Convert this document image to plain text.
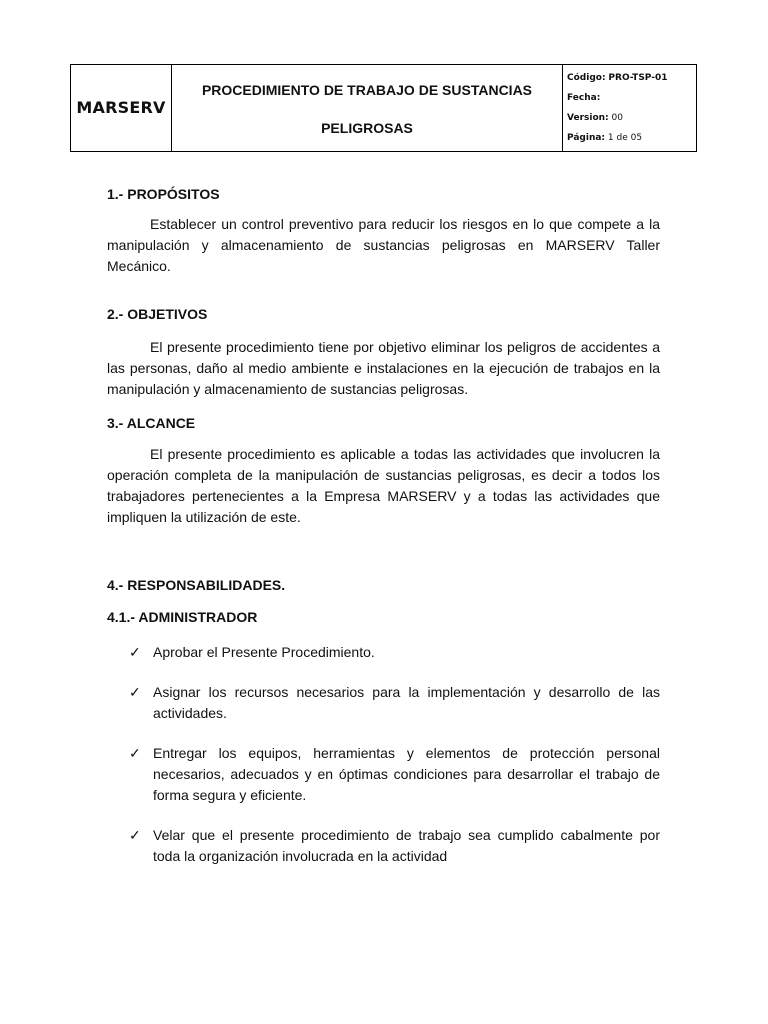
MARSERV	
PROCEDIMIENTO DE TRABAJO DE SUSTANCIAS
PELIGROSAS

Código: PRO-TSP-01
Fecha:
Version: 00
Página: 1 de 05
1.- PROPÓSITOS
Establecer un control preventivo para reducir los riesgos en lo que compete a la manipulación y almacenamiento de sustancias peligrosas en MARSERV Taller Mecánico.
2.- OBJETIVOS
El presente procedimiento tiene por objetivo eliminar los peligros de accidentes a las personas, daño al medio ambiente e instalaciones en la ejecución de trabajos en la manipulación y almacenamiento de sustancias peligrosas.
3.- ALCANCE
El presente procedimiento es aplicable a todas las actividades que involucren la operación completa de la manipulación de sustancias peligrosas, es decir a todos los trabajadores pertenecientes a la Empresa MARSERV y a todas las actividades que impliquen la utilización de este.
4.- RESPONSABILIDADES.
4.1.- ADMINISTRADOR
✓ Aprobar el Presente Procedimiento.
✓ Asignar los recursos necesarios para la implementación y desarrollo de las actividades.
✓ Entregar los equipos, herramientas y elementos de protección personal necesarios, adecuados y en óptimas condiciones para desarrollar el trabajo de forma segura y eficiente.
✓ Velar que el presente procedimiento de trabajo sea cumplido cabalmente por toda la organización involucrada en la actividad
